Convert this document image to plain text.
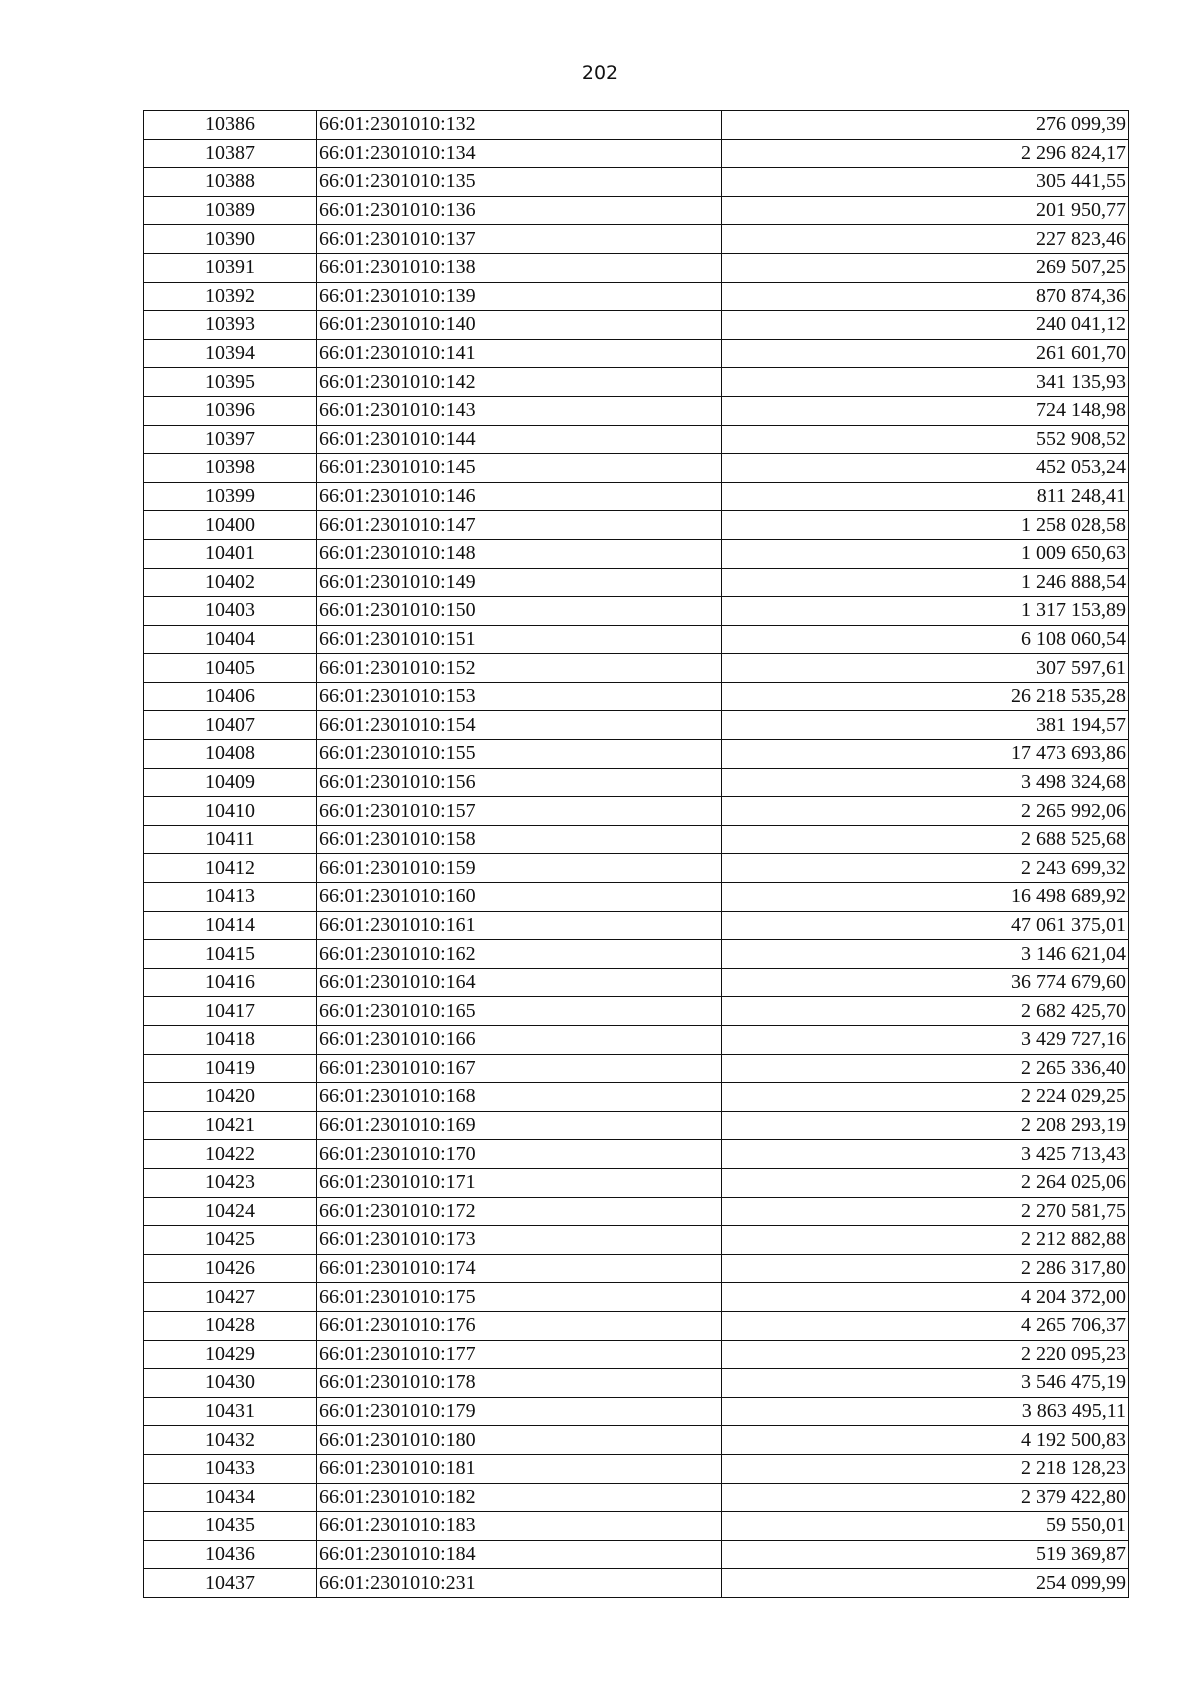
202
10386	66:01:2301010:132	276 099,39
10387	66:01:2301010:134	2 296 824,17
10388	66:01:2301010:135	305 441,55
10389	66:01:2301010:136	201 950,77
10390	66:01:2301010:137	227 823,46
10391	66:01:2301010:138	269 507,25
10392	66:01:2301010:139	870 874,36
10393	66:01:2301010:140	240 041,12
10394	66:01:2301010:141	261 601,70
10395	66:01:2301010:142	341 135,93
10396	66:01:2301010:143	724 148,98
10397	66:01:2301010:144	552 908,52
10398	66:01:2301010:145	452 053,24
10399	66:01:2301010:146	811 248,41
10400	66:01:2301010:147	1 258 028,58
10401	66:01:2301010:148	1 009 650,63
10402	66:01:2301010:149	1 246 888,54
10403	66:01:2301010:150	1 317 153,89
10404	66:01:2301010:151	6 108 060,54
10405	66:01:2301010:152	307 597,61
10406	66:01:2301010:153	26 218 535,28
10407	66:01:2301010:154	381 194,57
10408	66:01:2301010:155	17 473 693,86
10409	66:01:2301010:156	3 498 324,68
10410	66:01:2301010:157	2 265 992,06
10411	66:01:2301010:158	2 688 525,68
10412	66:01:2301010:159	2 243 699,32
10413	66:01:2301010:160	16 498 689,92
10414	66:01:2301010:161	47 061 375,01
10415	66:01:2301010:162	3 146 621,04
10416	66:01:2301010:164	36 774 679,60
10417	66:01:2301010:165	2 682 425,70
10418	66:01:2301010:166	3 429 727,16
10419	66:01:2301010:167	2 265 336,40
10420	66:01:2301010:168	2 224 029,25
10421	66:01:2301010:169	2 208 293,19
10422	66:01:2301010:170	3 425 713,43
10423	66:01:2301010:171	2 264 025,06
10424	66:01:2301010:172	2 270 581,75
10425	66:01:2301010:173	2 212 882,88
10426	66:01:2301010:174	2 286 317,80
10427	66:01:2301010:175	4 204 372,00
10428	66:01:2301010:176	4 265 706,37
10429	66:01:2301010:177	2 220 095,23
10430	66:01:2301010:178	3 546 475,19
10431	66:01:2301010:179	3 863 495,11
10432	66:01:2301010:180	4 192 500,83
10433	66:01:2301010:181	2 218 128,23
10434	66:01:2301010:182	2 379 422,80
10435	66:01:2301010:183	59 550,01
10436	66:01:2301010:184	519 369,87
10437	66:01:2301010:231	254 099,99
